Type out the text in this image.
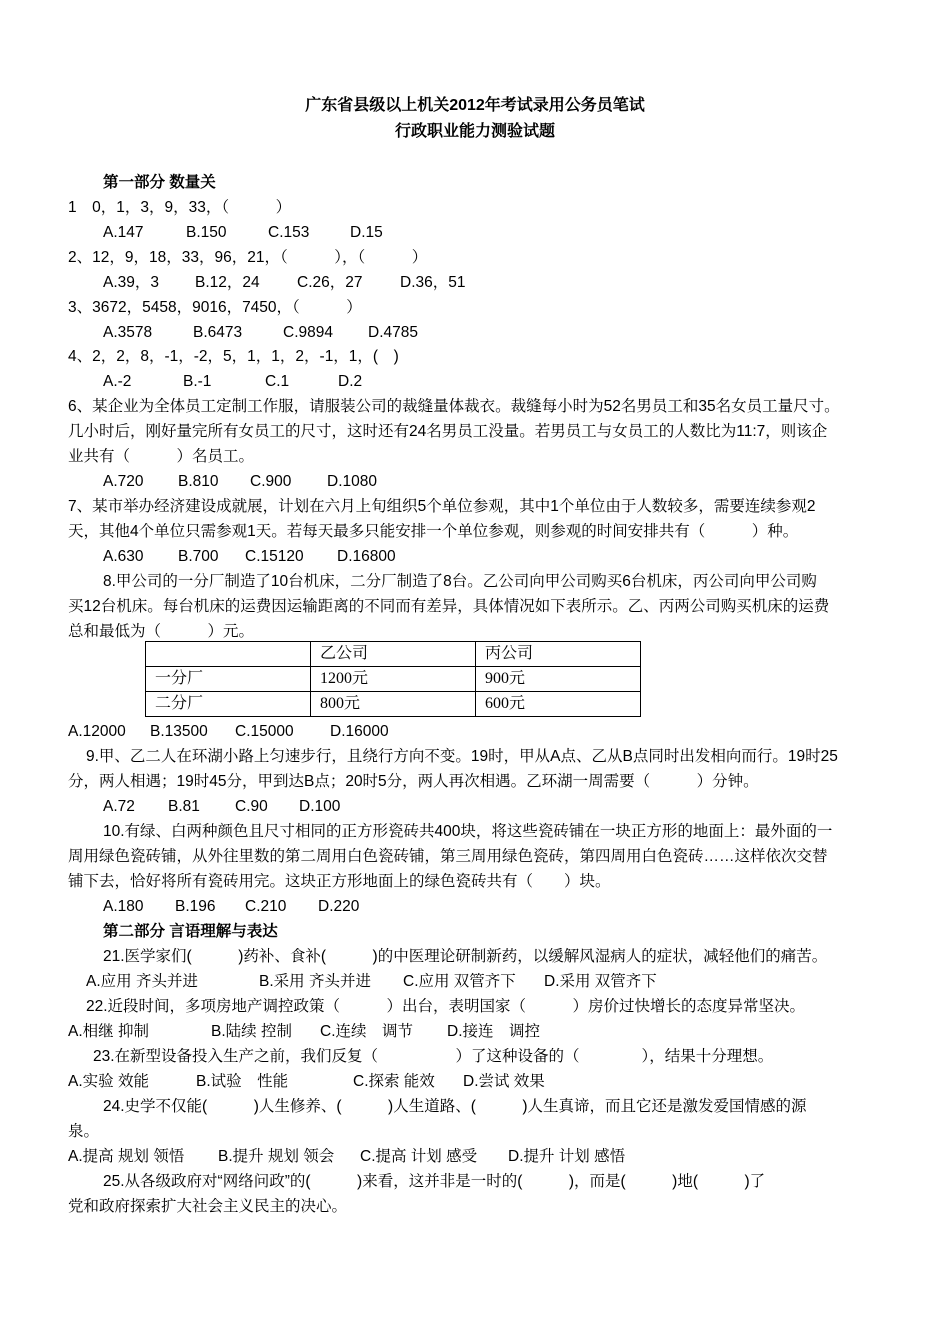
广东省县级以上机关2012年考试录用公务员笔试
行政职业能力测验试题
第一部分 数量关
1　0，1，3，9，33，（　　　）
A.147	B.150	C.153	D.15
2、12，9，18，33，96，21，（　　　），（　　　）
A.39，3 B.12，24 C.26，27 D.36，51
3、3672，5458，9016，7450，（　　　）
A.3578	B.6473	C.9894 D.4785
4、2，2，8，-1，-2，5，1，1，2，-1，1，(　)
A.-2	B.-1	C.1	D.2
6、某企业为全体员工定制工作服，请服装公司的裁缝量体裁衣。裁缝每小时为52名男员工和35名女员工量尺寸。
几小时后，刚好量完所有女员工的尺寸，这时还有24名男员工没量。若男员工与女员工的人数比为11:7，则该企
业共有（　　　）名员工。
A.720 B.810 C.900 D.1080
7、某市举办经济建设成就展，计划在六月上旬组织5个单位参观，其中1个单位由于人数较多，需要连续参观2
天，其他4个单位只需参观1天。若每天最多只能安排一个单位参观，则参观的时间安排共有（　　　）种。
A.630 B.700 C.15120 D.16800
8.甲公司的一分厂制造了10台机床，二分厂制造了8台。乙公司向甲公司购买6台机床，丙公司向甲公司购
买12台机床。每台机床的运费因运输距离的不同而有差异，具体情况如下表所示。乙、丙两公司购买机床的运费
总和最低为（　　　）元。
	乙公司	丙公司
一分厂	1200元	900元
二分厂	800元	600元
A.12000 B.13500 C.15000 D.16000
9.甲、乙二人在环湖小路上匀速步行，且绕行方向不变。19时，甲从A点、乙从B点同时出发相向而行。19时25
分，两人相遇；19时45分，甲到达B点；20时5分，两人再次相遇。乙环湖一周需要（　　　）分钟。
A.72 B.81 C.90 D.100
10.有绿、白两种颜色且尺寸相同的正方形瓷砖共400块，将这些瓷砖铺在一块正方形的地面上：最外面的一
周用绿色瓷砖铺，从外往里数的第二周用白色瓷砖铺，第三周用绿色瓷砖，第四周用白色瓷砖……这样依次交替
铺下去，恰好将所有瓷砖用完。这块正方形地面上的绿色瓷砖共有（　　）块。
A.180 B.196 C.210 D.220
第二部分 言语理解与表达
21.医学家们(　　　)药补、食补(　　　)的中医理论研制新药，以缓解风湿病人的症状，减轻他们的痛苦。
A.应用 齐头并进	B.采用 齐头并进 C.应用 双管齐下 D.采用 双管齐下
22.近段时间，多项房地产调控政策（　　　）出台，表明国家（　　　）房价过快增长的态度异常坚决。
A.相继 抑制	B.陆续 控制 C.连续　调节 D.接连　调控
23.在新型设备投入生产之前，我们反复（　　　　　）了这种设备的（　　　　），结果十分理想。
A.实验 效能	B.试验　性能	C.探索 能效 D.尝试 效果
24.史学不仅能(　　　)人生修养、(　　　)人生道路、(　　　)人生真谛，而且它还是激发爱国情感的源
泉。
A.提高 规划 领悟 B.提升 规划 领会 C.提高 计划 感受 D.提升 计划 感悟
25.从各级政府对“网络问政”的(　　　)来看，这并非是一时的(　　　)，而是(　　　)地(　　　)了
党和政府探索扩大社会主义民主的决心。
